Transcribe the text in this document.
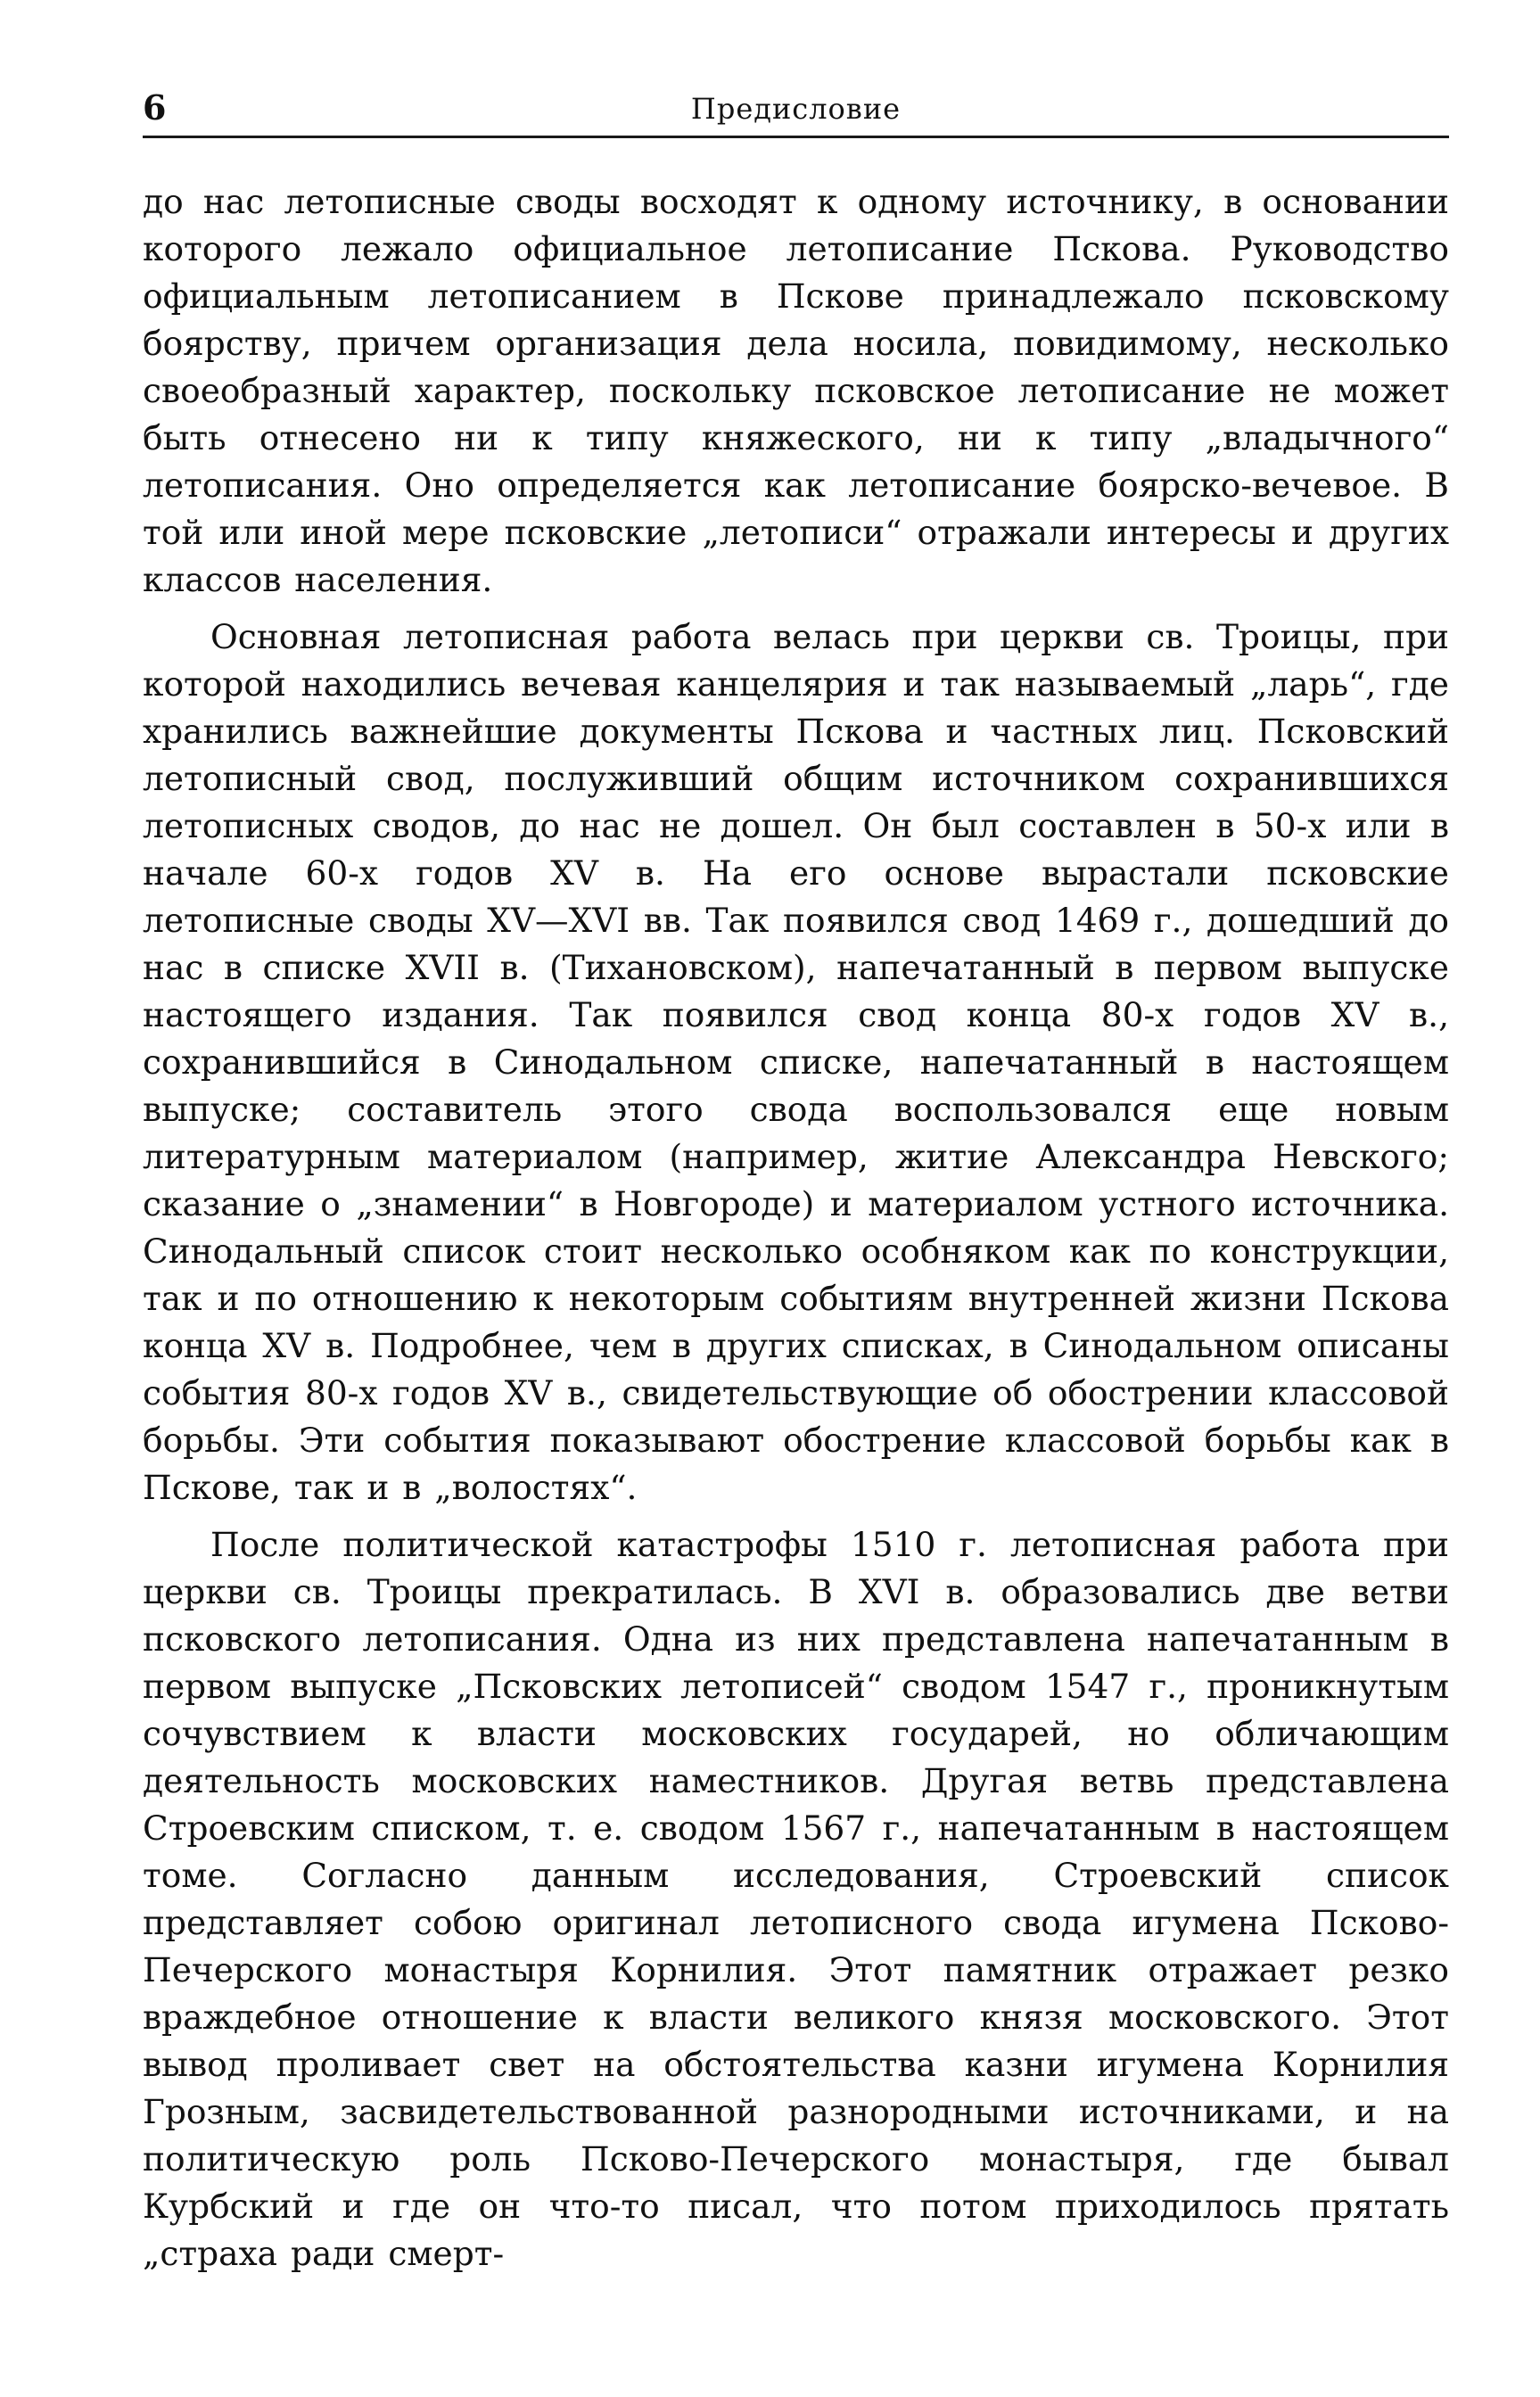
6	Предисловие

до нас летописные своды восходят к одному источнику, в основании которого лежало официальное летописание Пскова. Руководство официальным летописанием в Пскове принадлежало псковскому боярству, причем организация дела носила, повидимому, несколько своеобразный характер, поскольку псковское летописание не может быть отнесено ни к типу княжеского, ни к типу „владычного“ летописания. Оно определяется как летописание боярско-вечевое. В той или иной мере псковские „летописи“ отражали интересы и других классов населения.

Основная летописная работа велась при церкви св. Троицы, при которой находились вечевая канцелярия и так называемый „ларь“, где хранились важнейшие документы Пскова и частных лиц. Псковский летописный свод, послуживший общим источником сохранившихся летописных сводов, до нас не дошел. Он был составлен в 50-х или в начале 60-х годов XV в. На его основе вырастали псковские летописные своды XV—XVI вв. Так появился свод 1469 г., дошедший до нас в списке XVII в. (Тихановском), напечатанный в первом выпуске настоящего издания. Так появился свод конца 80-х годов XV в., сохранившийся в Синодальном списке, напечатанный в настоящем выпуске; составитель этого свода воспользовался еще новым литературным материалом (например, житие Александра Невского; сказание о „знамении“ в Новгороде) и материалом устного источника. Синодальный список стоит несколько особняком как по конструкции, так и по отношению к некоторым событиям внутренней жизни Пскова конца XV в. Подробнее, чем в других списках, в Синодальном описаны события 80-х годов XV в., свидетельствующие об обострении классовой борьбы. Эти события показывают обострение классовой борьбы как в Пскове, так и в „волостях“.

После политической катастрофы 1510 г. летописная работа при церкви св. Троицы прекратилась. В XVI в. образовались две ветви псковского летописания. Одна из них представлена напечатанным в первом выпуске „Псковских летописей“ сводом 1547 г., проникнутым сочувствием к власти московских государей, но обличающим деятельность московских наместников. Другая ветвь представлена Строевским списком, т. е. сводом 1567 г., напечатанным в настоящем томе. Согласно данным исследования, Строевский список представляет собою оригинал летописного свода игумена Псково-Печерского монастыря Корнилия. Этот памятник отражает резко враждебное отношение к власти великого князя московского. Этот вывод проливает свет на обстоятельства казни игумена Корнилия Грозным, засвидетельствованной разнородными источниками, и на политическую роль Псково-Печерского монастыря, где бывал Курбский и где он что-то писал, что потом приходилось прятать „страха ради смерт-
